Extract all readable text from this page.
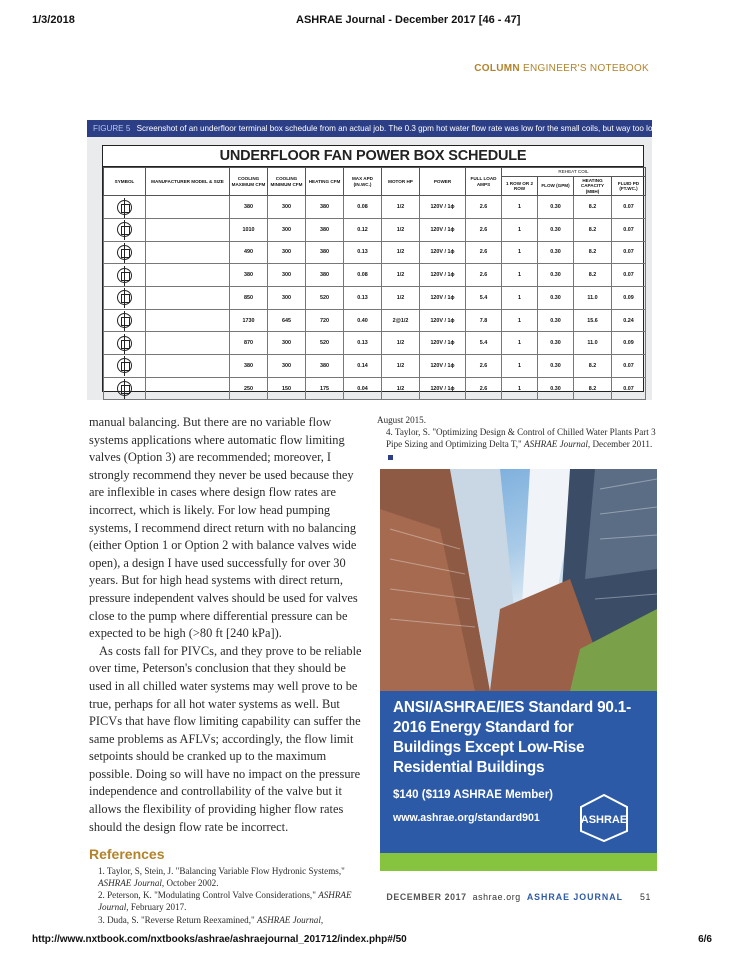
1/3/2018	ASHRAE Journal - December 2017 [46 - 47]
COLUMN ENGINEER'S NOTEBOOK
FIGURE 5 Screenshot of an underfloor terminal box schedule from an actual job. The 0.3 gpm hot water flow rate was low for the small coils, but way too low for the larger coils.
UNDERFLOOR FAN POWER BOX SCHEDULE
SYMBOL	MANUFACTURER MODEL & SIZE	COOLING MAXIMUM CFM	COOLING MINIMUM CFM	HEATING CFM	MAX APD (IN.WC.)	MOTOR HP	POWER	FULL LOAD AMPS	REHEAT COIL			
									1 ROW OR 2 ROW	FLOW (GPM)	HEATING CAPACITY (MBH)	FLUID PD (FT.WC.)
		380	300	380	0.08	1/2	120V / 1ɸ	2.6	1	0.30	8.2	0.07
		1010	300	380	0.12	1/2	120V / 1ɸ	2.6	1	0.30	8.2	0.07
		490	300	380	0.13	1/2	120V / 1ɸ	2.6	1	0.30	8.2	0.07
		380	300	380	0.08	1/2	120V / 1ɸ	2.6	1	0.30	8.2	0.07
		850	300	520	0.13	1/2	120V / 1ɸ	5.4	1	0.30	11.0	0.09
		1730	645	720	0.40	2@1/2	120V / 1ɸ	7.8	1	0.30	15.6	0.24
		870	300	520	0.13	1/2	120V / 1ɸ	5.4	1	0.30	11.0	0.09
		380	300	380	0.14	1/2	120V / 1ɸ	2.6	1	0.30	8.2	0.07
		250	150	175	0.04	1/2	120V / 1ɸ	2.6	1	0.30	8.2	0.07

manual balancing. But there are no variable flow systems applications where automatic flow limiting valves (Option 3) are recommended; moreover, I strongly recommend they never be used because they are inflexible in cases where design flow rates are incorrect, which is likely. For low head pumping systems, I recommend direct return with no balancing (either Option 1 or Option 2 with balance valves wide open), a design I have used successfully for over 30 years. But for high head systems with direct return, pressure independent valves should be used for valves close to the pump where differential pressure can be expected to be high (>80 ft [240 kPa]).

As costs fall for PIVCs, and they prove to be reliable over time, Peterson's conclusion that they should be used in all chilled water systems may well prove to be true, perhaps for all hot water systems as well. But PICVs that have flow limiting capability can suffer the same problems as AFLVs; accordingly, the flow limit setpoints should be cranked up to the maximum possible. Doing so will have no impact on the pressure independence and controllability of the valve but it allows the flexibility of providing higher flow rates should the design flow rate be incorrect.

References
1. Taylor, S, Stein, J. "Balancing Variable Flow Hydronic Systems," ASHRAE Journal, October 2002.
2. Peterson, K. "Modulating Control Valve Considerations," ASHRAE Journal, February 2017.
3. Duda, S. "Reverse Return Reexamined," ASHRAE Journal,
August 2015.
4. Taylor, S. "Optimizing Design & Control of Chilled Water Plants Part 3 Pipe Sizing and Optimizing Delta T," ASHRAE Journal, December 2011.
ANSI/ASHRAE/IES Standard 90.1-2016 Energy Standard for Buildings Except Low-Rise Residential Buildings
$140 ($119 ASHRAE Member)
www.ashrae.org/standard901	ASHRAE
DECEMBER 2017 ashrae.org ASHRAE JOURNAL 51
http://www.nxtbook.com/nxtbooks/ashrae/ashraejournal_201712/index.php#/50	6/6
